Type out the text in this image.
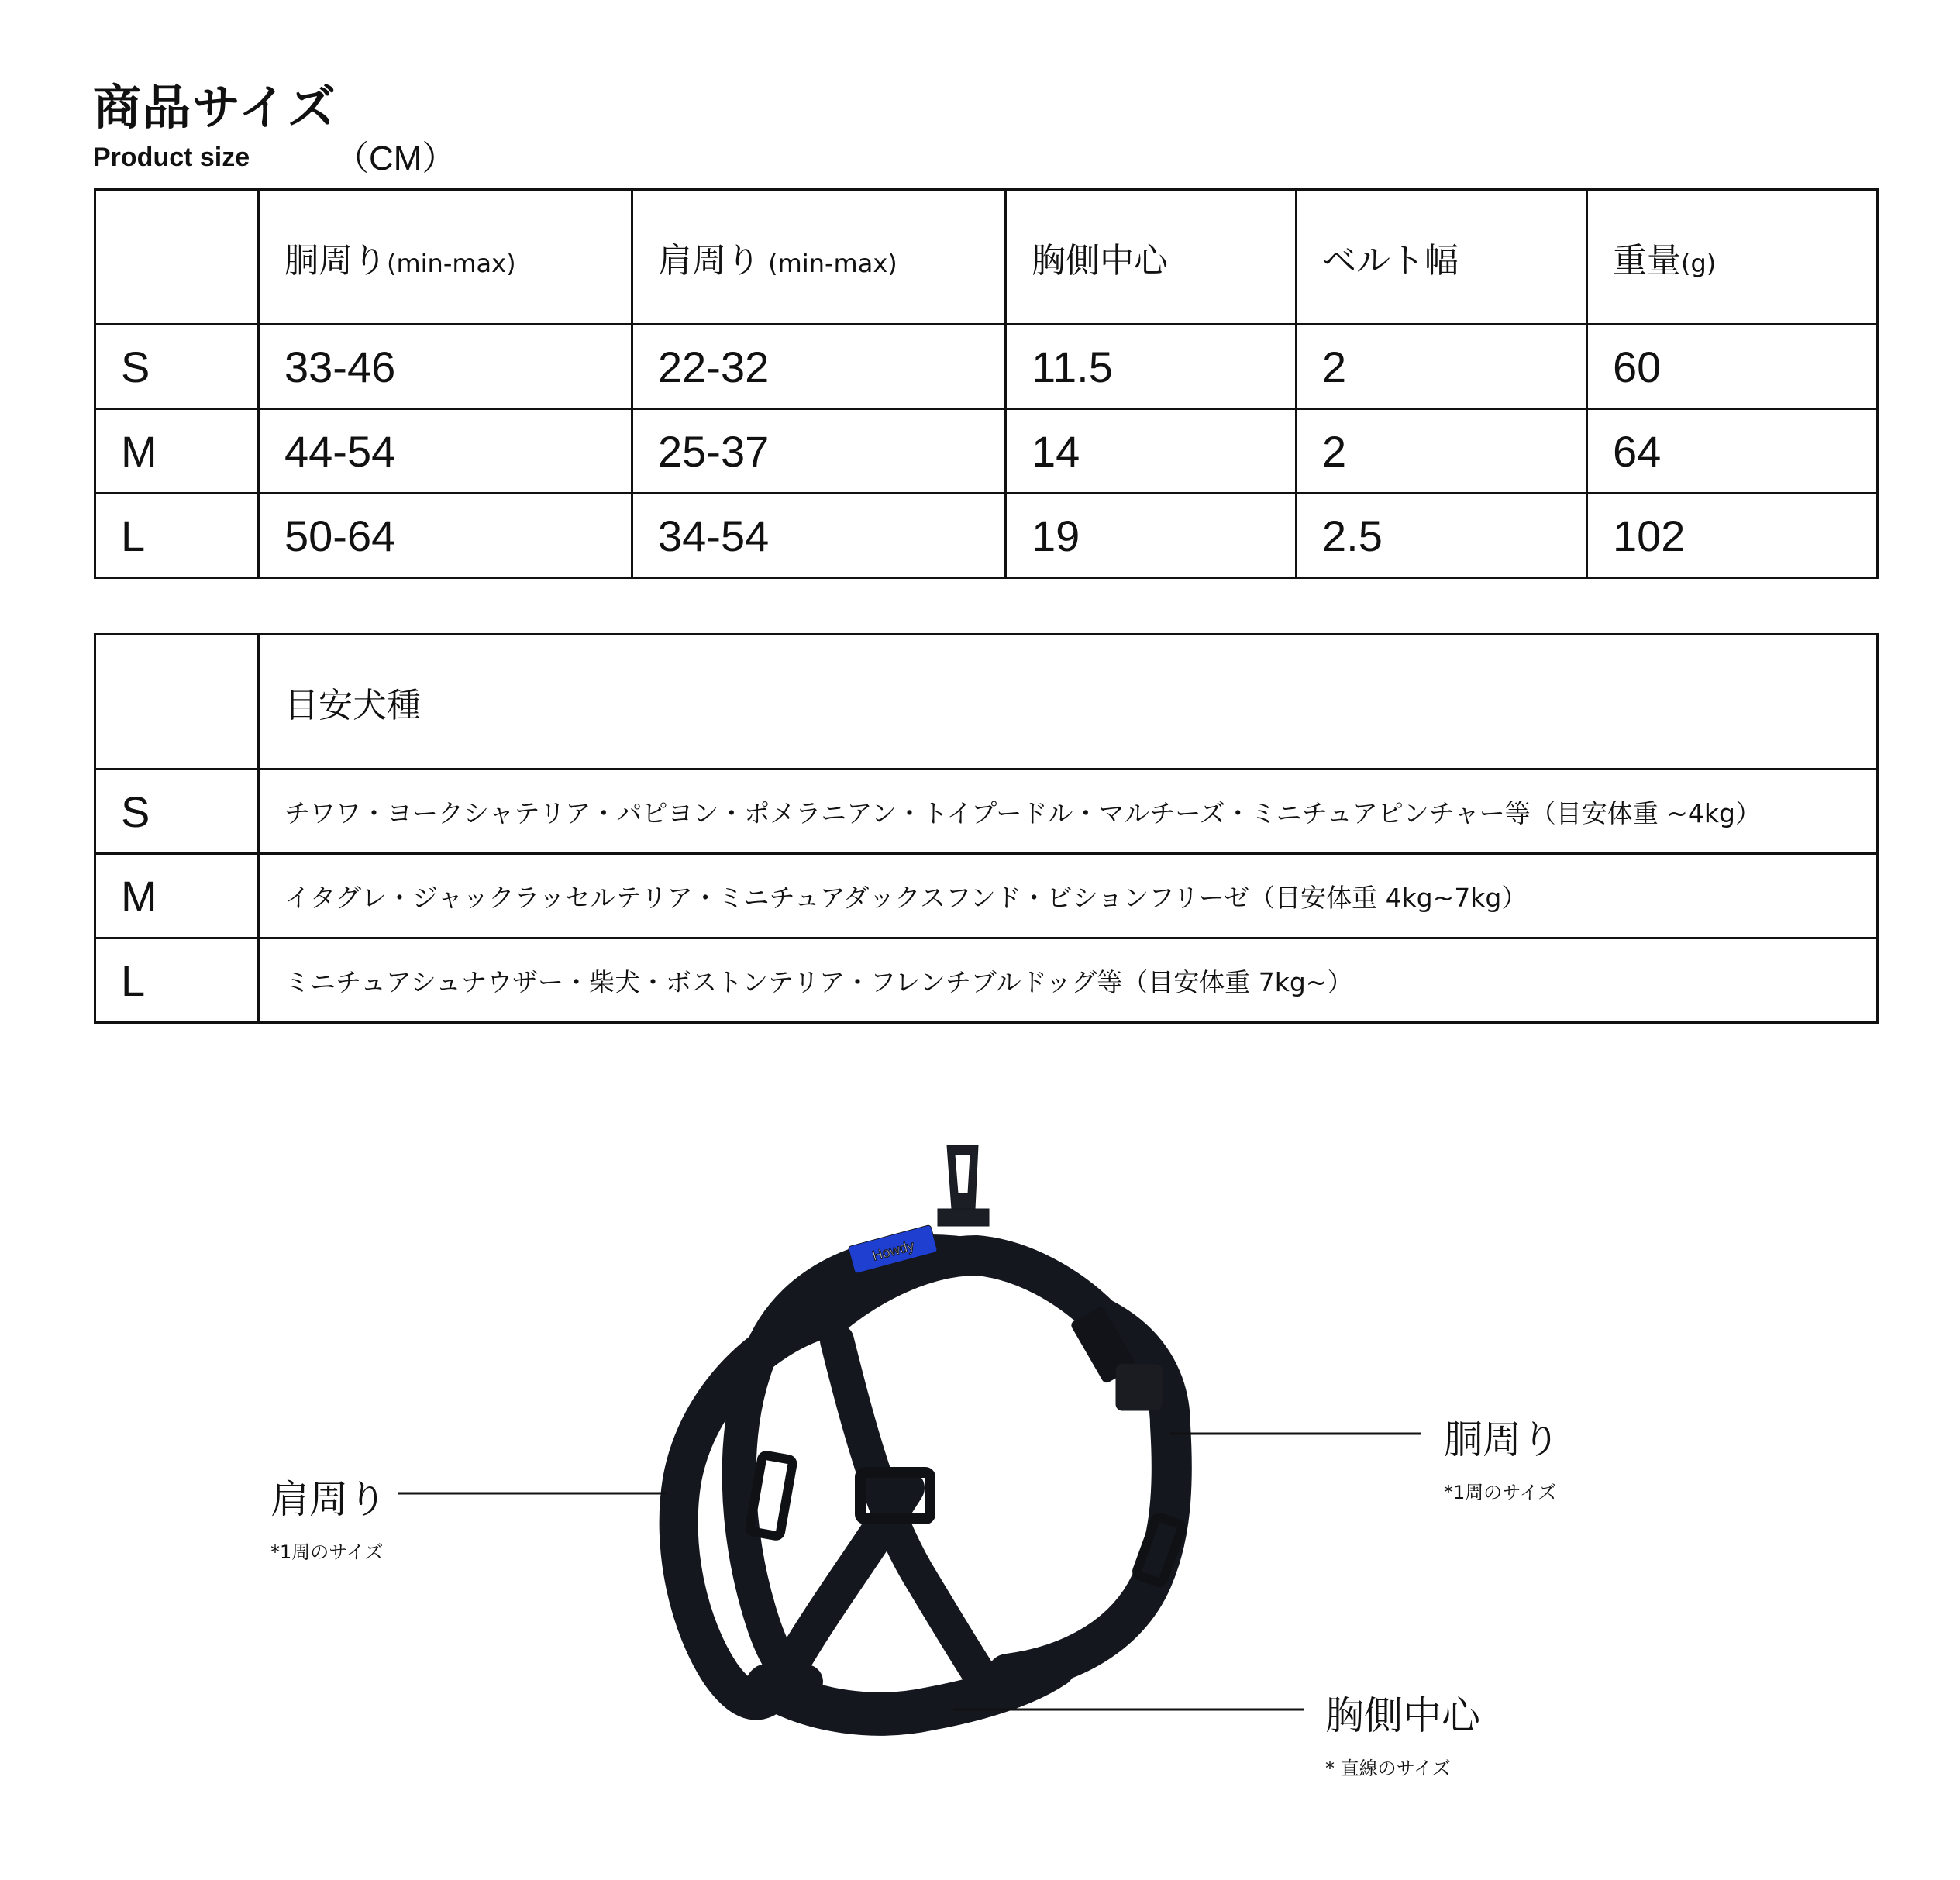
商品サイズ
Product size	（CM）
	胴周り(min-max)	肩周り (min-max)	胸側中心	ベルト幅	重量(g)
S	33-46	22-32	11.5	2	60
M	44-54	25-37	14	2	64
L	50-64	34-54	19	2.5	102
	目安犬種
S	チワワ・ヨークシャテリア・パピヨン・ポメラニアン・トイプードル・マルチーズ・ミニチュアピンチャー等（目安体重 ~4kg）
M	イタグレ・ジャックラッセルテリア・ミニチュアダックスフンド・ビションフリーゼ（目安体重 4kg~7kg）
L	ミニチュアシュナウザー・柴犬・ボストンテリア・フレンチブルドッグ等（目安体重 7kg~）
Howdy
胴周り
*1周のサイズ
肩周り
*1周のサイズ
胸側中心
* 直線のサイズ
